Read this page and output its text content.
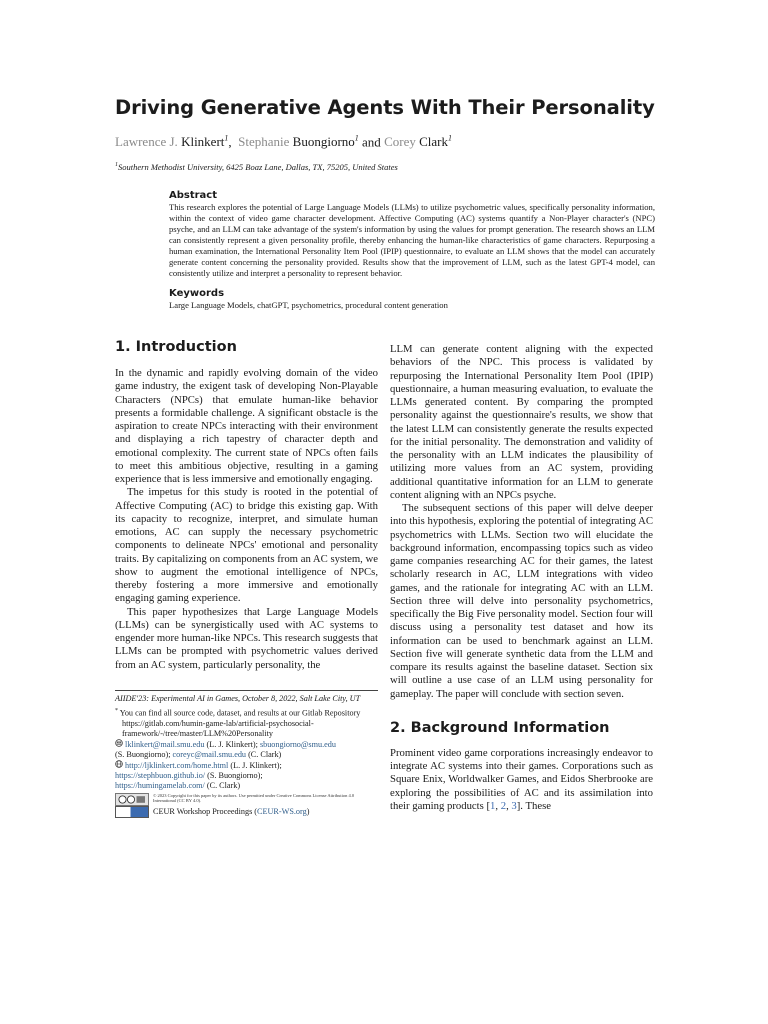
Driving Generative Agents With Their Personality
Lawrence J. Klinkert$^1$, Stephanie Buongiorno$^1$ and Corey Clark$^1$
$^1$Southern Methodist University, 6425 Boaz Lane, Dallas, TX, 75205, United States
Abstract
This research explores the potential of Large Language Models (LLMs) to utilize psychometric values, specifically personality information, within the context of video game character development. Affective Computing (AC) systems quantify a Non-Player character's (NPC) psyche, and an LLM can take advantage of the system's information by using the values for prompt generation. The research shows an LLM can consistently represent a given personality profile, thereby enhancing the human-like characteristics of game characters. Repurposing a human examination, the International Personality Item Pool (IPIP) questionnaire, to evaluate an LLM shows that the model can accurately generate content concerning the personality provided. Results show that the improvement of LLM, such as the latest GPT-4 model, can consistently utilize and interpret a personality to represent behavior.
Keywords
Large Language Models, chatGPT, psychometrics, procedural content generation
1. Introduction

In the dynamic and rapidly evolving domain of the video game industry, the exigent task of developing Non-Playable Characters (NPCs) that emulate human-like behavior presents a formidable challenge. A significant obstacle is the aspiration to create NPCs interacting with their environment and displaying a rich tapestry of character depth and emotional complexity. The current state of NPCs often fails to meet this ambitious objective, resulting in a gaming experience that is less immersive and emotionally engaging.

The impetus for this study is rooted in the potential of Affective Computing (AC) to bridge this existing gap. With its capacity to recognize, interpret, and simulate human emotions, AC can supply the necessary psychometric components to delineate NPCs' emotional and personality traits. By capitalizing on components from an AC system, we show to augment the emotional intelligence of NPCs, thereby fostering a more immersive and emotionally engaging gaming experience.

This paper hypothesizes that Large Language Models (LLMs) can be synergistically used with AC systems to engender more human-like NPCs. This research suggests that LLMs can be prompted with psychometric values derived from an AC system, particularly personality, the

LLM can generate content aligning with the expected behaviors of the NPC. This process is validated by repurposing the International Personality Item Pool (IPIP) questionnaire, a human measuring evaluation, to evaluate the LLMs generated content. By comparing the prompted personality against the questionnaire's results, we show that the latest LLM can consistently generate the results expected for the initial personality. The demonstration and validity of the personality with an LLM indicates the plausibility of utilizing more values from an AC system, providing additional quantitative information for an LLM to generate content aligning with an NPCs psyche.

The subsequent sections of this paper will delve deeper into this hypothesis, exploring the potential of integrating AC psychometrics with LLMs. Section two will elucidate the background information, encompassing topics such as video game companies researching AC for their games, the latest scholarly research in AC, LLM integrations with video games, and the rationale for integrating AC with an LLM. Section three will delve into personality psychometrics, specifically the Big Five personality model. Section four will discuss using a personality test dataset and how its information can be used to benchmark against an LLM. Section five will generate synthetic data from the LLM and compare its results against the baseline dataset. Section six will outline a use case of an LLM using personality for gameplay. The paper will conclude with section seven.

2. Background Information

Prominent video game corporations increasingly endeavor to integrate AC systems into their games. Corporations such as Square Enix, Worldwalker Games, and Eidos Sherbrooke are exploring the possibilities of AC and its assimilation into their gaming products [1, 2, 3]. These

AIIDE'23: Experimental AI in Games, October 8, 2022, Salt Lake City, UT
* You can find all source code, dataset, and results at our Gitlab Repository https://gitlab.com/humin-game-lab/artificial-psychosocial-framework/-/tree/master/LLM%20Personality
lklinkert@mail.smu.edu (L. J. Klinkert); sbuongiorno@smu.edu
(S. Buongiorno); coreyc@mail.smu.edu (C. Clark)
http://ljklinkert.com/home.html (L. J. Klinkert);
https://stephbuon.github.io/ (S. Buongiorno);
https://humingamelab.com/ (C. Clark)
© 2023 Copyright for this paper by its authors. Use permitted under Creative Commons License Attribution 4.0 International (CC BY 4.0).
CEUR Workshop Proceedings (CEUR-WS.org)
